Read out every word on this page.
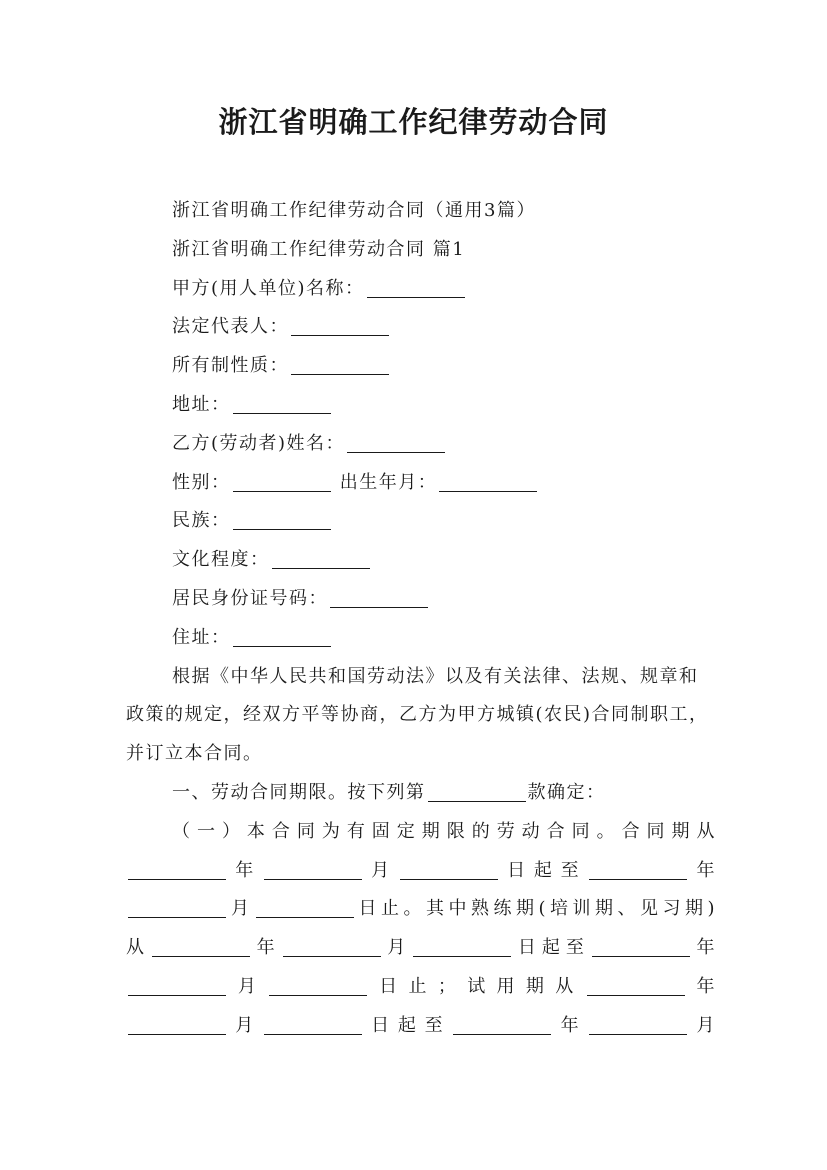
浙江省明确工作纪律劳动合同

浙江省明确工作纪律劳动合同（通用3篇）

浙江省明确工作纪律劳动合同 篇1

甲方(用人单位)名称：

法定代表人：

所有制性质：

地址：

乙方(劳动者)姓名：

性别：	出生年月：

民族：

文化程度：

居民身份证号码：

住址：

根据《中华人民共和国劳动法》以及有关法律、法规、规章和政策的规定，经双方平等协商，乙方为甲方城镇(农民)合同制职工，并订立本合同。

一、劳动合同期限。按下列第	款确定：

（一）本合同为有固定期限的劳动合同。合同期从

年	月	日起至	年

月	日止。其中熟练期(培训期、见习期)

从	年	月	日起至	年

月	日止；试用期从	年

月	日起至	年	月
